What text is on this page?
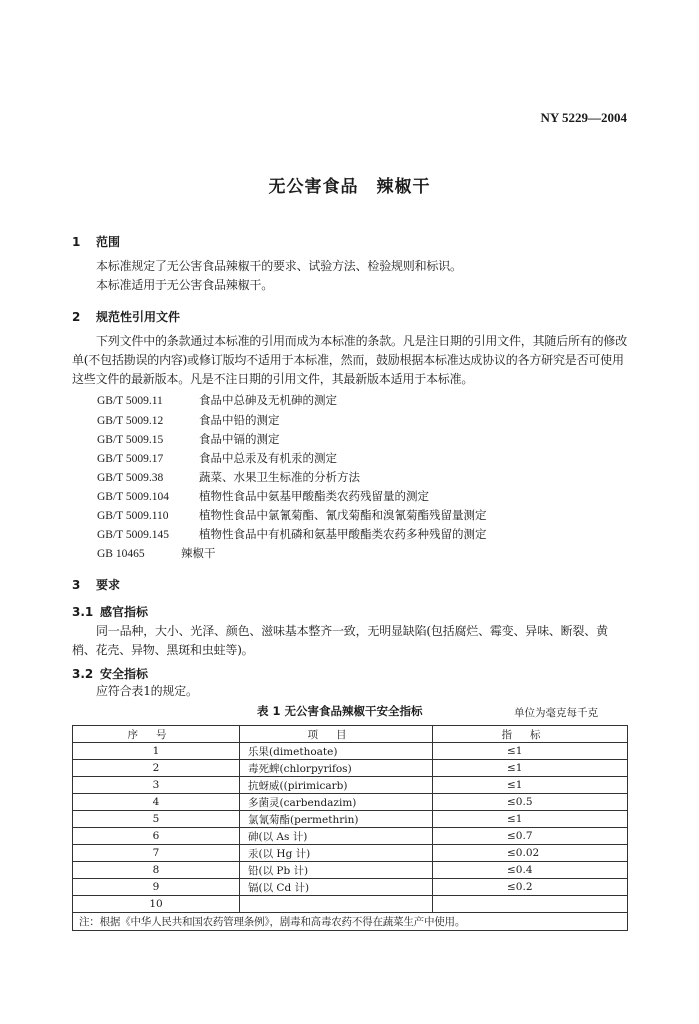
NY 5229—2004
无公害食品 辣椒干
1 范围
本标准规定了无公害食品辣椒干的要求、试验方法、检验规则和标识。
本标准适用于无公害食品辣椒干。
2 规范性引用文件
下列文件中的条款通过本标准的引用而成为本标准的条款。凡是注日期的引用文件，其随后所有的修改单(不包括勘误的内容)或修订版均不适用于本标准，然而，鼓励根据本标准达成协议的各方研究是否可使用这些文件的最新版本。凡是不注日期的引用文件，其最新版本适用于本标准。
GB/T 5009.11	食品中总砷及无机砷的测定
GB/T 5009.12	食品中铅的测定
GB/T 5009.15	食品中镉的测定
GB/T 5009.17	食品中总汞及有机汞的测定
GB/T 5009.38	蔬菜、水果卫生标准的分析方法
GB/T 5009.104	植物性食品中氨基甲酸酯类农药残留量的测定
GB/T 5009.110	植物性食品中氯氰菊酯、氰戊菊酯和溴氰菊酯残留量测定
GB/T 5009.145	植物性食品中有机磷和氨基甲酸酯类农药多种残留的测定
GB 10465	辣椒干
3 要求
3.1 感官指标
同一品种，大小、光泽、颜色、滋味基本整齐一致，无明显缺陷(包括腐烂、霉变、异味、断裂、黄梢、花壳、异物、黑斑和虫蛀等)。
3.2 安全指标
应符合表1的规定。
表 1 无公害食品辣椒干安全指标	单位为毫克每千克
序号	项目	指标
1	乐果(dimethoate)	≤1
2	毒死蜱(chlorpyrifos)	≤1
3	抗蚜威((pirimicarb)	≤1
4	多菌灵(carbendazim)	≤0.5
5	氯氰菊酯(permethrin)	≤1
6	砷(以 As 计)	≤0.7
7	汞(以 Hg 计)	≤0.02
8	铅(以 Pb 计)	≤0.4
9	镉(以 Cd 计)	≤0.2
10		
注：根据《中华人民共和国农药管理条例》，剧毒和高毒农药不得在蔬菜生产中使用。		
